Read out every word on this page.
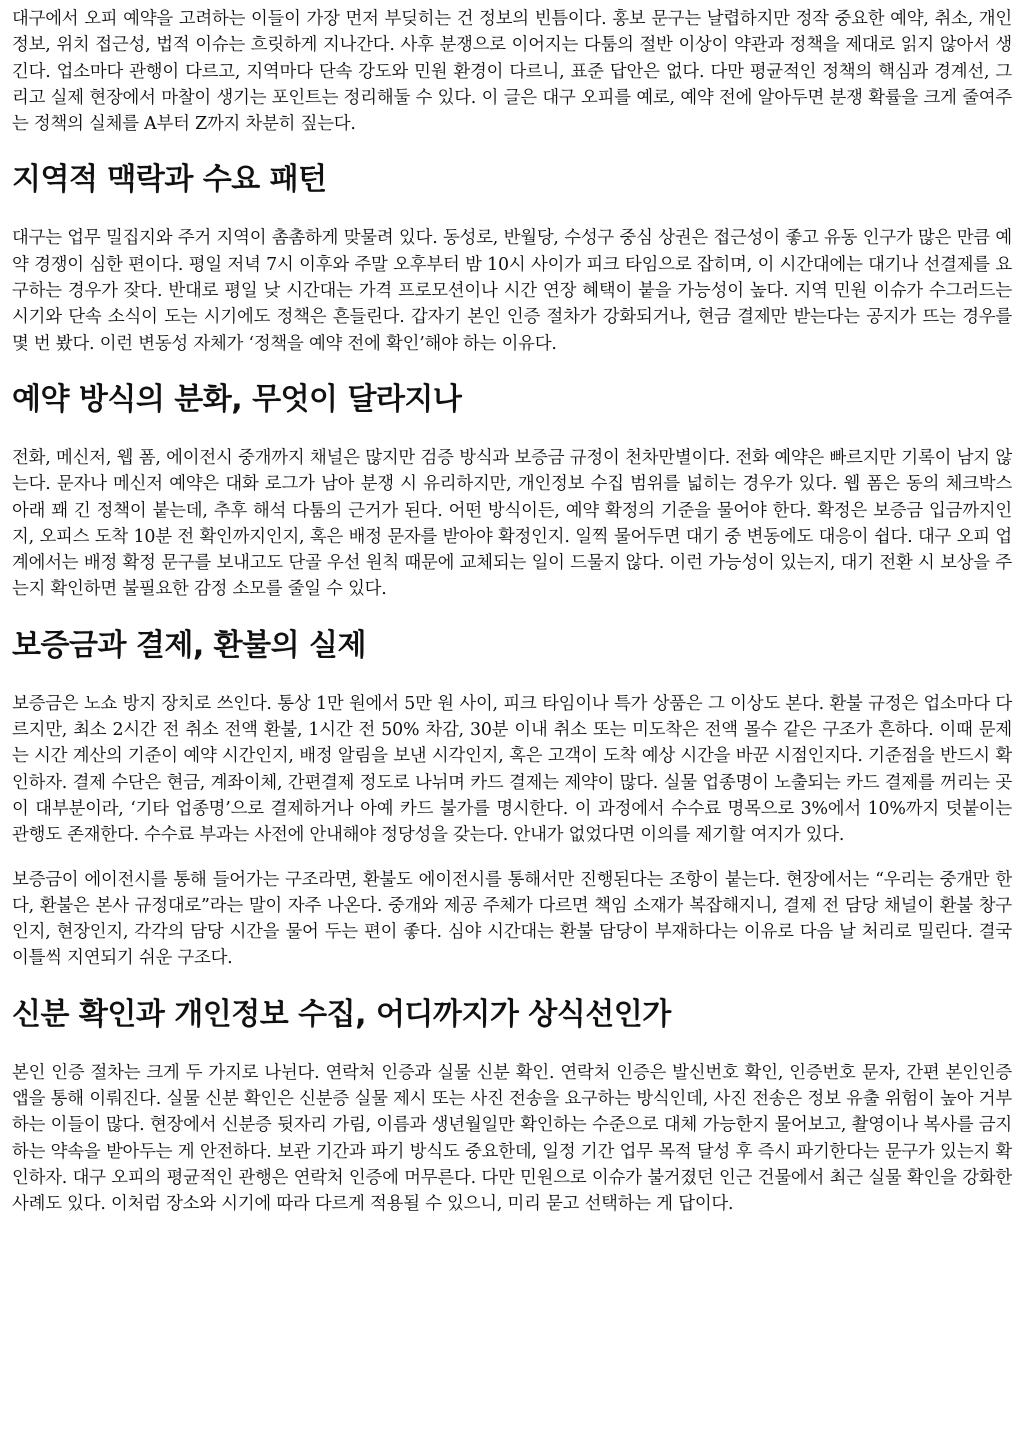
대구에서 오피 예약을 고려하는 이들이 가장 먼저 부딪히는 건 정보의 빈틈이다. 홍보 문구는 날렵하지만 정작 중요한 예약, 취소, 개인정보, 위치 접근성, 법적 이슈는 흐릿하게 지나간다. 사후 분쟁으로 이어지는 다툼의 절반 이상이 약관과 정책을 제대로 읽지 않아서 생긴다. 업소마다 관행이 다르고, 지역마다 단속 강도와 민원 환경이 다르니, 표준 답안은 없다. 다만 평균적인 정책의 핵심과 경계선, 그리고 실제 현장에서 마찰이 생기는 포인트는 정리해둘 수 있다. 이 글은 대구 오피를 예로, 예약 전에 알아두면 분쟁 확률을 크게 줄여주는 정책의 실체를 A부터 Z까지 차분히 짚는다.

지역적 맥락과 수요 패턴

대구는 업무 밀집지와 주거 지역이 촘촘하게 맞물려 있다. 동성로, 반월당, 수성구 중심 상권은 접근성이 좋고 유동 인구가 많은 만큼 예약 경쟁이 심한 편이다. 평일 저녁 7시 이후와 주말 오후부터 밤 10시 사이가 피크 타임으로 잡히며, 이 시간대에는 대기나 선결제를 요구하는 경우가 잦다. 반대로 평일 낮 시간대는 가격 프로모션이나 시간 연장 혜택이 붙을 가능성이 높다. 지역 민원 이슈가 수그러드는 시기와 단속 소식이 도는 시기에도 정책은 흔들린다. 갑자기 본인 인증 절차가 강화되거나, 현금 결제만 받는다는 공지가 뜨는 경우를 몇 번 봤다. 이런 변동성 자체가 ‘정책을 예약 전에 확인’해야 하는 이유다.

예약 방식의 분화, 무엇이 달라지나

전화, 메신저, 웹 폼, 에이전시 중개까지 채널은 많지만 검증 방식과 보증금 규정이 천차만별이다. 전화 예약은 빠르지만 기록이 남지 않는다. 문자나 메신저 예약은 대화 로그가 남아 분쟁 시 유리하지만, 개인정보 수집 범위를 넓히는 경우가 있다. 웹 폼은 동의 체크박스 아래 꽤 긴 정책이 붙는데, 추후 해석 다툼의 근거가 된다. 어떤 방식이든, 예약 확정의 기준을 물어야 한다. 확정은 보증금 입금까지인지, 오피스 도착 10분 전 확인까지인지, 혹은 배정 문자를 받아야 확정인지. 일찍 물어두면 대기 중 변동에도 대응이 쉽다. 대구 오피 업계에서는 배정 확정 문구를 보내고도 단골 우선 원칙 때문에 교체되는 일이 드물지 않다. 이런 가능성이 있는지, 대기 전환 시 보상을 주는지 확인하면 불필요한 감정 소모를 줄일 수 있다.

보증금과 결제, 환불의 실제

보증금은 노쇼 방지 장치로 쓰인다. 통상 1만 원에서 5만 원 사이, 피크 타임이나 특가 상품은 그 이상도 본다. 환불 규정은 업소마다 다르지만, 최소 2시간 전 취소 전액 환불, 1시간 전 50% 차감, 30분 이내 취소 또는 미도착은 전액 몰수 같은 구조가 흔하다. 이때 문제는 시간 계산의 기준이 예약 시간인지, 배정 알림을 보낸 시각인지, 혹은 고객이 도착 예상 시간을 바꾼 시점인지다. 기준점을 반드시 확인하자. 결제 수단은 현금, 계좌이체, 간편결제 정도로 나뉘며 카드 결제는 제약이 많다. 실물 업종명이 노출되는 카드 결제를 꺼리는 곳이 대부분이라, ‘기타 업종명’으로 결제하거나 아예 카드 불가를 명시한다. 이 과정에서 수수료 명목으로 3%에서 10%까지 덧붙이는 관행도 존재한다. 수수료 부과는 사전에 안내해야 정당성을 갖는다. 안내가 없었다면 이의를 제기할 여지가 있다.

보증금이 에이전시를 통해 들어가는 구조라면, 환불도 에이전시를 통해서만 진행된다는 조항이 붙는다. 현장에서는 “우리는 중개만 한다, 환불은 본사 규정대로”라는 말이 자주 나온다. 중개와 제공 주체가 다르면 책임 소재가 복잡해지니, 결제 전 담당 채널이 환불 창구인지, 현장인지, 각각의 담당 시간을 물어 두는 편이 좋다. 심야 시간대는 환불 담당이 부재하다는 이유로 다음 날 처리로 밀린다. 결국 이틀씩 지연되기 쉬운 구조다.

신분 확인과 개인정보 수집, 어디까지가 상식선인가

본인 인증 절차는 크게 두 가지로 나뉜다. 연락처 인증과 실물 신분 확인. 연락처 인증은 발신번호 확인, 인증번호 문자, 간편 본인인증 앱을 통해 이뤄진다. 실물 신분 확인은 신분증 실물 제시 또는 사진 전송을 요구하는 방식인데, 사진 전송은 정보 유출 위험이 높아 거부하는 이들이 많다. 현장에서 신분증 뒷자리 가림, 이름과 생년월일만 확인하는 수준으로 대체 가능한지 물어보고, 촬영이나 복사를 금지하는 약속을 받아두는 게 안전하다. 보관 기간과 파기 방식도 중요한데, 일정 기간 업무 목적 달성 후 즉시 파기한다는 문구가 있는지 확인하자. 대구 오피의 평균적인 관행은 연락처 인증에 머무른다. 다만 민원으로 이슈가 불거졌던 인근 건물에서 최근 실물 확인을 강화한 사례도 있다. 이처럼 장소와 시기에 따라 다르게 적용될 수 있으니, 미리 묻고 선택하는 게 답이다.
